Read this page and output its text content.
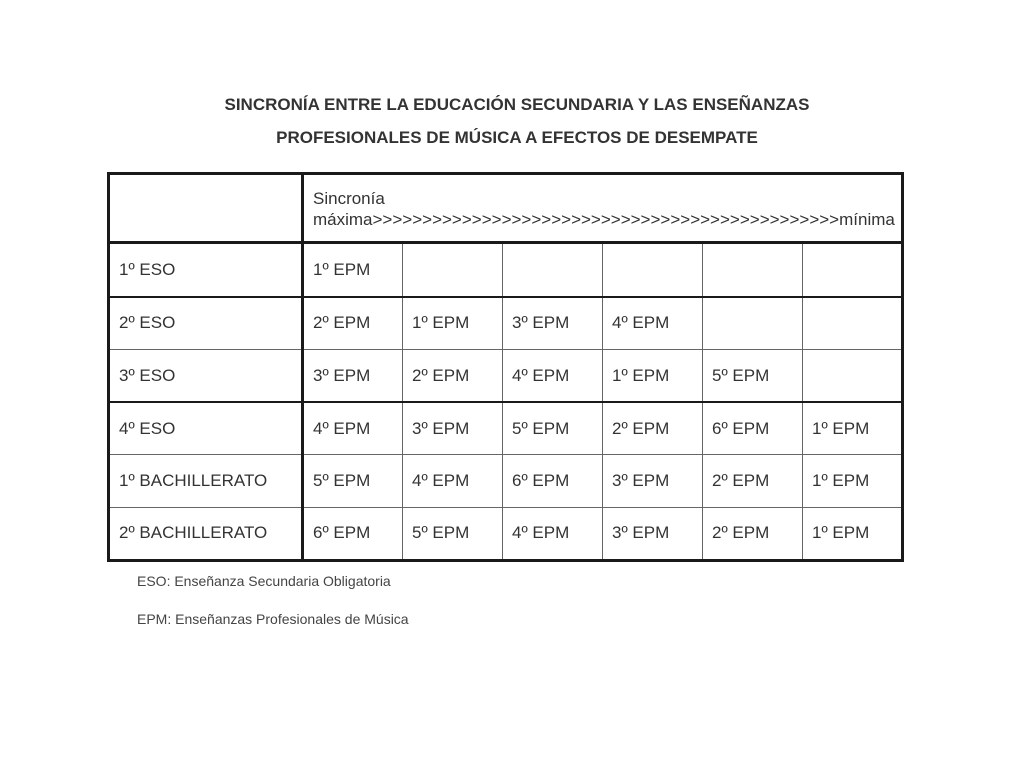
SINCRONÍA ENTRE LA EDUCACIÓN SECUNDARIA Y LAS ENSEÑANZAS
PROFESIONALES DE MÚSICA A EFECTOS DE DESEMPATE

	Sincronía
máxima>>>>>>>>>>>>>>>>>>>>>>>>>>>>>>>>>>>>>>>>>>>>>>>mínima					

1º ESO	1º EPM					
2º ESO	2º EPM	1º EPM	3º EPM	4º EPM		
3º ESO	3º EPM	2º EPM	4º EPM	1º EPM	5º EPM	
4º ESO	4º EPM	3º EPM	5º EPM	2º EPM	6º EPM	1º EPM
1º BACHILLERATO	5º EPM	4º EPM	6º EPM	3º EPM	2º EPM	1º EPM
2º BACHILLERATO	6º EPM	5º EPM	4º EPM	3º EPM	2º EPM	1º EPM
ESO: Enseñanza Secundaria Obligatoria
EPM: Enseñanzas Profesionales de Música
